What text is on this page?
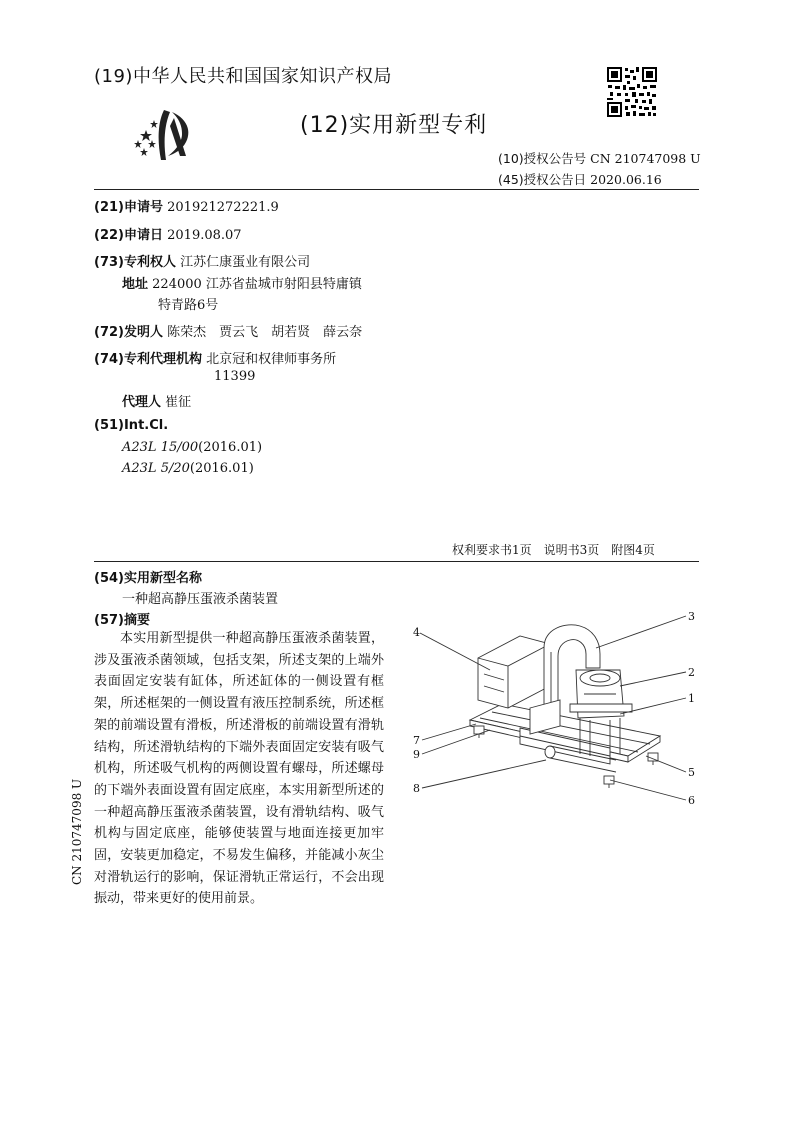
(19)中华人民共和国国家知识产权局
(12)实用新型专利
(10)授权公告号 CN 210747098 U
(45)授权公告日 2020.06.16
(21)申请号 201921272221.9
(22)申请日 2019.08.07
(73)专利权人 江苏仁康蛋业有限公司
地址 224000 江苏省盐城市射阳县特庸镇
特青路6号
(72)发明人 陈荣杰　贾云飞　胡若贤　薛云奈
(74)专利代理机构 北京冠和权律师事务所
11399
代理人 崔征
(51)Int.Cl.
A23L 15/00(2016.01)
A23L 5/20(2016.01)
权利要求书1页　说明书3页　附图4页
(54)实用新型名称
一种超高静压蛋液杀菌装置
(57)摘要
本实用新型提供一种超高静压蛋液杀菌装置，涉及蛋液杀菌领域，包括支架，所述支架的上端外表面固定安装有缸体，所述缸体的一侧设置有框架，所述框架的一侧设置有液压控制系统，所述框架的前端设置有滑板，所述滑板的前端设置有滑轨结构，所述滑轨结构的下端外表面固定安装有吸气机构，所述吸气机构的两侧设置有螺母，所述螺母的下端外表面设置有固定底座，本实用新型所述的一种超高静压蛋液杀菌装置，设有滑轨结构、吸气机构与固定底座，能够使装置与地面连接更加牢固，安装更加稳定，不易发生偏移，并能减小灰尘对滑轨运行的影响，保证滑轨正常运行，不会出现振动，带来更好的使用前景。
CN 210747098 U
4
3
2
1
5
6
7
9
8
